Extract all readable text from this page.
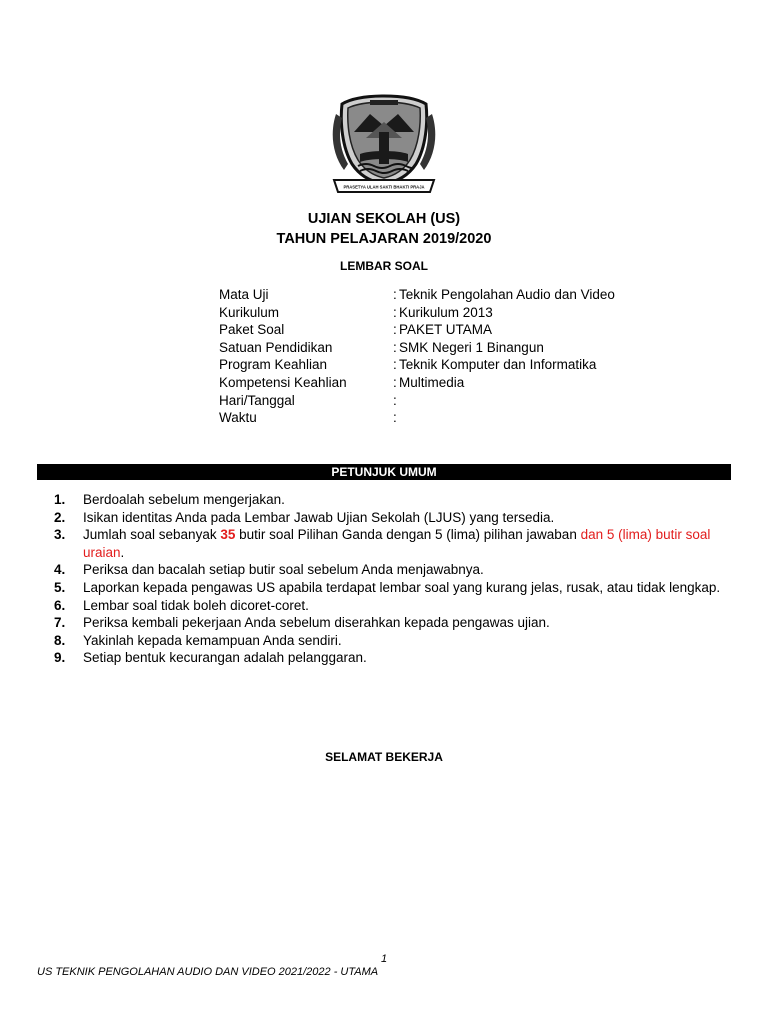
PRASETYA ULAH SAKTI BHAKTI PRAJA
UJIAN SEKOLAH (US)
TAHUN PELAJARAN 2019/2020
LEMBAR SOAL
Mata Uji	: Teknik Pengolahan Audio dan Video
Kurikulum	: Kurikulum 2013
Paket Soal	: PAKET UTAMA
Satuan Pendidikan	: SMK Negeri 1 Binangun
Program Keahlian	: Teknik Komputer dan Informatika
Kompetensi Keahlian	: Multimedia
Hari/Tanggal	:
Waktu	:
PETUNJUK UMUM
1.	Berdoalah sebelum mengerjakan.
2.	Isikan identitas Anda pada Lembar Jawab Ujian Sekolah (LJUS) yang tersedia.
3.	Jumlah soal sebanyak 35 butir soal Pilihan Ganda dengan 5 (lima) pilihan jawaban dan 5 (lima) butir soal uraian.
4.	Periksa dan bacalah setiap butir soal sebelum Anda menjawabnya.
5.	Laporkan kepada pengawas US apabila terdapat lembar soal yang kurang jelas, rusak, atau tidak lengkap.
6.	Lembar soal tidak boleh dicoret-coret.
7.	Periksa kembali pekerjaan Anda sebelum diserahkan kepada pengawas ujian.
8.	Yakinlah kepada kemampuan Anda sendiri.
9.	Setiap bentuk kecurangan adalah pelanggaran.
SELAMAT BEKERJA
1
US TEKNIK PENGOLAHAN AUDIO DAN VIDEO 2021/2022 - UTAMA
